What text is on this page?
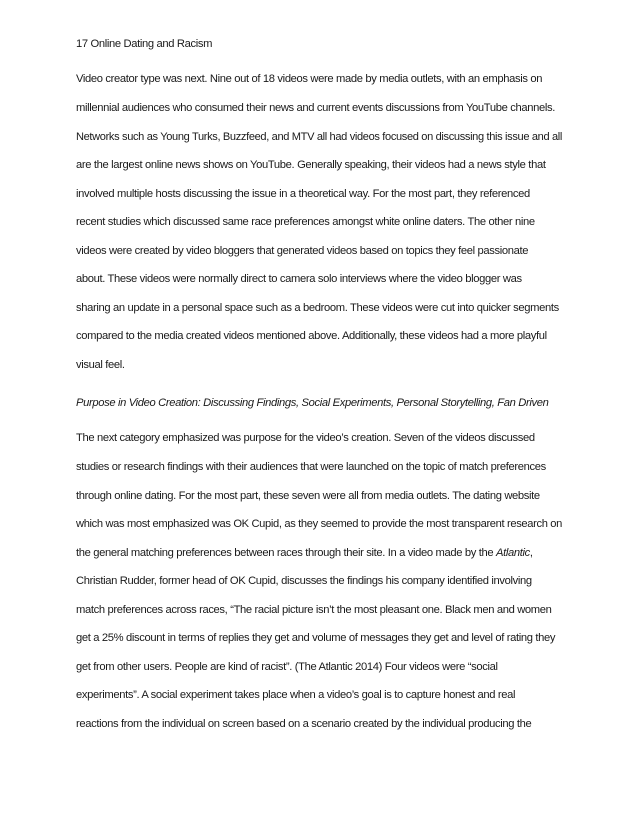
17 Online Dating and Racism
Video creator type was next. Nine out of 18 videos were made by media outlets, with an emphasis on
millennial audiences who consumed their news and current events discussions from YouTube channels.
Networks such as Young Turks, Buzzfeed, and MTV all had videos focused on discussing this issue and all
are the largest online news shows on YouTube. Generally speaking, their videos had a news style that
involved multiple hosts discussing the issue in a theoretical way. For the most part, they referenced
recent studies which discussed same race preferences amongst white online daters. The other nine
videos were created by video bloggers that generated videos based on topics they feel passionate
about. These videos were normally direct to camera solo interviews where the video blogger was
sharing an update in a personal space such as a bedroom. These videos were cut into quicker segments
compared to the media created videos mentioned above. Additionally, these videos had a more playful
visual feel.
Purpose in Video Creation: Discussing Findings, Social Experiments, Personal Storytelling, Fan Driven
The next category emphasized was purpose for the video’s creation. Seven of the videos discussed
studies or research findings with their audiences that were launched on the topic of match preferences
through online dating. For the most part, these seven were all from media outlets. The dating website
which was most emphasized was OK Cupid, as they seemed to provide the most transparent research on
the general matching preferences between races through their site. In a video made by the Atlantic,
Christian Rudder, former head of OK Cupid, discusses the findings his company identified involving
match preferences across races, “The racial picture isn’t the most pleasant one. Black men and women
get a 25% discount in terms of replies they get and volume of messages they get and level of rating they
get from other users. People are kind of racist”. (The Atlantic 2014) Four videos were “social
experiments”. A social experiment takes place when a video’s goal is to capture honest and real
reactions from the individual on screen based on a scenario created by the individual producing the
